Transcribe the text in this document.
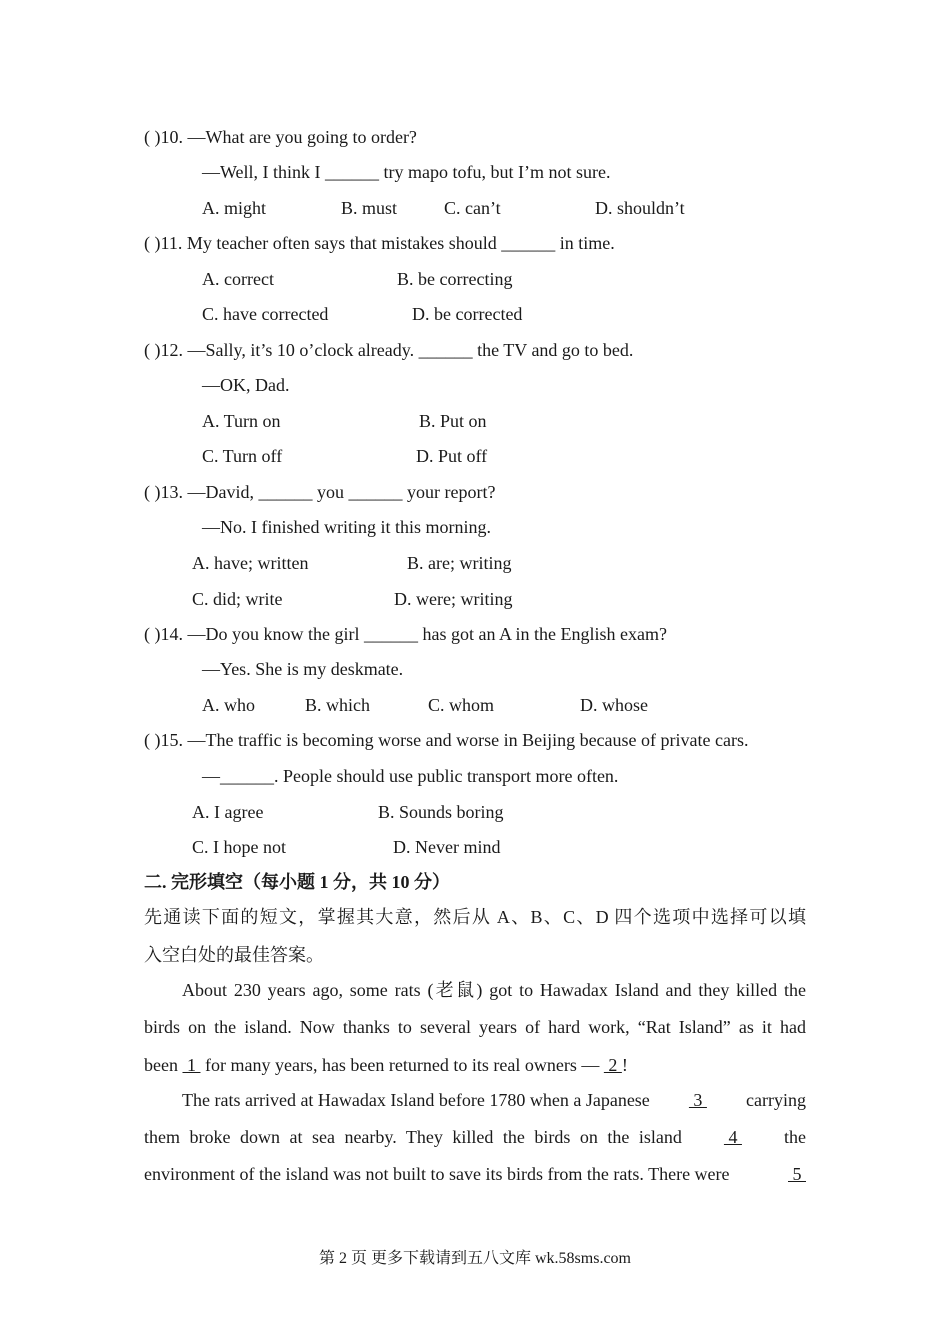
( )10. —What are you going to order?
—Well, I think I ______ try mapo tofu, but I’m not sure.
A. might	B. must	C. can’t	D. shouldn’t
( )11. My teacher often says that mistakes should ______ in time.
A. correct	B. be correcting
C. have corrected	D. be corrected
( )12. —Sally, it’s 10 o’clock already. ______ the TV and go to bed.
—OK, Dad.
A. Turn on	B. Put on
C. Turn off	D. Put off
( )13. —David, ______ you ______ your report?
—No. I finished writing it this morning.
A. have; written	B. are; writing
C. did; write	D. were; writing
( )14. —Do you know the girl ______ has got an A in the English exam?
—Yes. She is my deskmate.
A. who	B. which	C. whom	D. whose
( )15. —The traffic is becoming worse and worse in Beijing because of private cars.
—______. People should use public transport more often.
A. I agree	B. Sounds boring
C. I hope not	D. Never mind
二. 完形填空（每小题 1 分，共 10 分）
先通读下面的短文，掌握其大意，然后从 A、B、C、D 四个选项中选择可以填
入空白处的最佳答案。
About 230 years ago, some rats (老鼠) got to Hawadax Island and they killed the
birds on the island. Now thanks to several years of hard work, “Rat Island” as it had
been  1  for many years, has been returned to its real owners —  2 !
The rats arrived at Hawadax Island before 1780 when a Japanese 3 carrying
them broke down at sea nearby. They killed the birds on the island 4 the
environment of the island was not built to save its birds from the rats. There were	5
第 2 页 更多下载请到五八文库 wk.58sms.com
